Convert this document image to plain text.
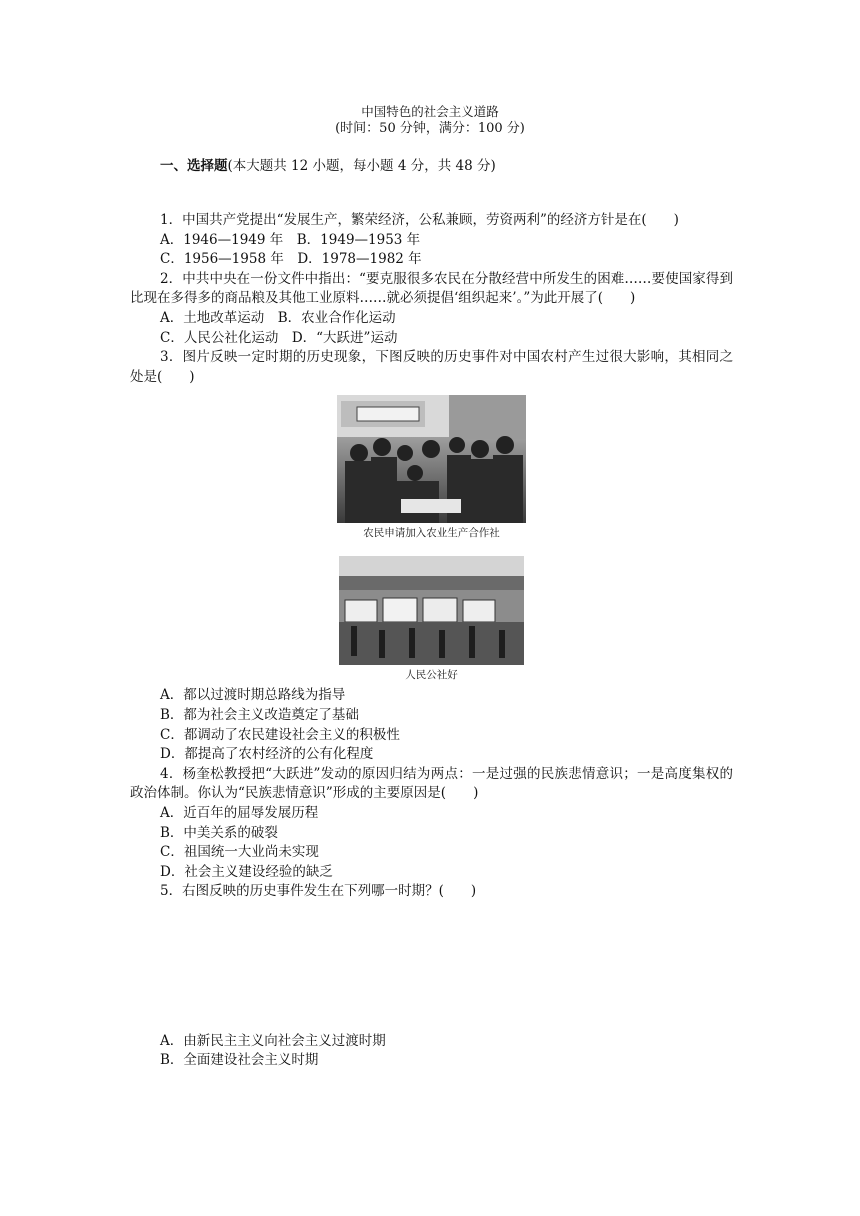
中国特色的社会主义道路
(时间：50 分钟，满分：100 分)
一、选择题(本大题共 12 小题，每小题 4 分，共 48 分)

1．中国共产党提出“发展生产，繁荣经济，公私兼顾，劳资两利”的经济方针是在(　　)

A．1946—1949 年　B．1949—1953 年

C．1956—1958 年　D．1978—1982 年

2．中共中央在一份文件中指出：“要克服很多农民在分散经营中所发生的困难……要使国家得到比现在多得多的商品粮及其他工业原料……就必须提倡‘组织起来’。”为此开展了(　　)

A．土地改革运动　B．农业合作化运动

C．人民公社化运动　D．“大跃进”运动

3．图片反映一定时期的历史现象，下图反映的历史事件对中国农村产生过很大影响，其相同之处是(　　)

农民申请加入农业生产合作社
人民公社好

A．都以过渡时期总路线为指导

B．都为社会主义改造奠定了基础

C．都调动了农民建设社会主义的积极性

D．都提高了农村经济的公有化程度

4．杨奎松教授把“大跃进”发动的原因归结为两点：一是过强的民族悲情意识；一是高度集权的政治体制。你认为“民族悲情意识”形成的主要原因是(　　)

A．近百年的屈辱发展历程

B．中美关系的破裂

C．祖国统一大业尚未实现

D．社会主义建设经验的缺乏

5．右图反映的历史事件发生在下列哪一时期？(　　)

A．由新民主主义向社会主义过渡时期

B．全面建设社会主义时期
